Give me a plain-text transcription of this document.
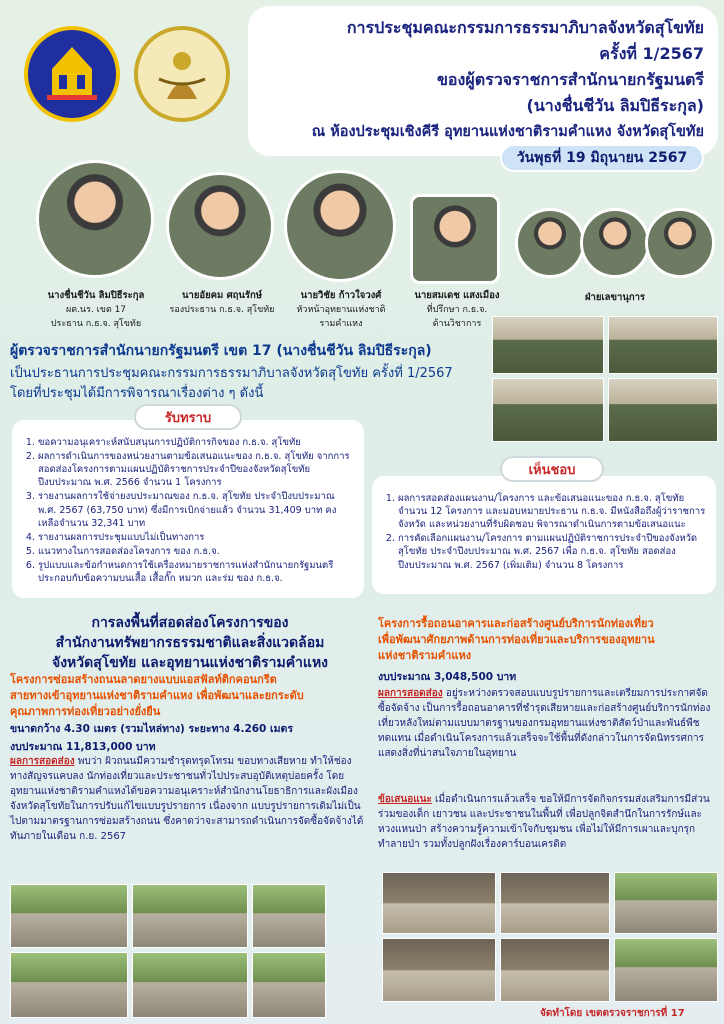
การประชุมคณะกรรมการธรรมาภิบาลจังหวัดสุโขทัย
ครั้งที่ 1/2567
ของผู้ตรวจราชการสำนักนายกรัฐมนตรี
(นางชื่นชีวัน ลิมปิธีระกุล)
ณ ห้องประชุมเชิงคีรี อุทยานแห่งชาติรามคำแหง จังหวัดสุโขทัย
วันพุธที่ 19 มิถุนายน 2567
นางชื่นชีวัน ลิมปิธีระกุล
ผต.นร. เขต 17
ประธาน ก.ธ.จ. สุโขทัย
นายอัยคม ศฤนรักษ์
รองประธาน ก.ธ.จ. สุโขทัย
นายวิชัย ก้าวใจวงศ์
หัวหน้าอุทยานแห่งชาติ
รามคำแหง
นายสมเดช แสงเมือง
ที่ปรึกษา ก.ธ.จ.
ด้านวิชาการ
ฝ่ายเลขานุการ
ผู้ตรวจราชการสำนักนายกรัฐมนตรี เขต 17 (นางชื่นชีวัน ลิมปิธีระกุล)
เป็นประธานการประชุมคณะกรรมการธรรมาภิบาลจังหวัดสุโขทัย ครั้งที่ 1/2567
โดยที่ประชุมได้มีการพิจารณาเรื่องต่าง ๆ ดังนี้
1. ขอความอนุเคราะห์สนับสนุนการปฏิบัติการกิจของ ก.ธ.จ. สุโขทัย
2. ผลการดำเนินการของหน่วยงานตามข้อเสนอแนะของ ก.ธ.จ. สุโขทัย จากการสอดส่องโครงการตามแผนปฏิบัติราชการประจำปีของจังหวัดสุโขทัย ปีงบประมาณ พ.ศ. 2566 จำนวน 1 โครงการ
3. รายงานผลการใช้จ่ายงบประมาณของ ก.ธ.จ. สุโขทัย ประจำปีงบประมาณ พ.ศ. 2567 (63,750 บาท) ซึ่งมีการเบิกจ่ายแล้ว จำนวน 31,409 บาท คงเหลือจำนวน 32,341 บาท
4. รายงานผลการประชุมแบบไม่เป็นทางการ
5. แนวทางในการสอดส่องโครงการ ของ ก.ธ.จ.
6. รูปแบบและข้อกำหนดการใช้เครื่องหมายราชการแห่งสำนักนายกรัฐมนตรี ประกอบกับข้อความบนเสื้อ เสื้อกั๊ก หมวก และร่ม ของ ก.ธ.จ.
รับทราบ
1. ผลการสอดส่องแผนงาน/โครงการ และข้อเสนอแนะของ ก.ธ.จ. สุโขทัย จำนวน 12 โครงการ และมอบหมายประธาน ก.ธ.จ. มีหนังสือถึงผู้ว่าราชการจังหวัด และหน่วยงานที่รับผิดชอบ พิจารณาดำเนินการตามข้อเสนอแนะ
2. การคัดเลือกแผนงาน/โครงการ ตามแผนปฏิบัติราชการประจำปีของจังหวัดสุโขทัย ประจำปีงบประมาณ พ.ศ. 2567 เพื่อ ก.ธ.จ. สุโขทัย สอดส่อง ปีงบประมาณ พ.ศ. 2567 (เพิ่มเติม) จำนวน 8 โครงการ
เห็นชอบ
การลงพื้นที่สอดส่องโครงการของ
สำนักงานทรัพยากรธรรมชาติและสิ่งแวดล้อม
จังหวัดสุโขทัย และอุทยานแห่งชาติรามคำแหง
โครงการซ่อมสร้างถนนลาดยางแบบแอสฟัลท์ติกคอนกรีต
สายทางเข้าอุทยานแห่งชาติรามคำแหง เพื่อพัฒนาและยกระดับ
คุณภาพการท่องเที่ยวอย่างยั่งยืน
ขนาดกว้าง 4.30 เมตร (รวมไหล่ทาง) ระยะทาง 4.260 เมตร
งบประมาณ 11,813,000 บาท
ผลการสอดส่อง พบว่า ผิวถนนมีความชำรุดทรุดโทรม ขอบทางเสียหาย ทำให้ช่องทางสัญจรแคบลง นักท่องเที่ยวและประชาชนทั่วไปประสบอุบัติเหตุบ่อยครั้ง โดยอุทยานแห่งชาติรามคำแหงได้ขอความอนุเคราะห์สำนักงานโยธาธิการและผังเมืองจังหวัดสุโขทัยในการปรับแก้ไขแบบรูปรายการ เนื่องจาก แบบรูปรายการเดิมไม่เป็นไปตามมาตรฐานการซ่อมสร้างถนน ซึ่งคาดว่าจะสามารถดำเนินการจัดซื้อจัดจ้างได้ทันภายในเดือน ก.ย. 2567
โครงการรื้อถอนอาคารและก่อสร้างศูนย์บริการนักท่องเที่ยว
เพื่อพัฒนาศักยภาพด้านการท่องเที่ยวและบริการของอุทยาน
แห่งชาติรามคำแหง
งบประมาณ 3,048,500 บาท
ผลการสอดส่อง อยู่ระหว่างตรวจสอบแบบรูปรายการและเตรียมการประกาศจัดซื้อจัดจ้าง เป็นการรื้อถอนอาคารที่ชำรุดเสียหายและก่อสร้างศูนย์บริการนักท่องเที่ยวหลังใหม่ตามแบบมาตรฐานของกรมอุทยานแห่งชาติสัตว์ป่าและพันธ์พืช ทดแทน เมื่อดำเนินโครงการแล้วเสร็จจะใช้พื้นที่ดังกล่าวในการจัดนิทรรศการแสดงสิ่งที่น่าสนใจภายในอุทยาน
ข้อเสนอแนะ เมื่อดำเนินการแล้วเสร็จ ขอให้มีการจัดกิจกรรมส่งเสริมการมีส่วนร่วมของเด็ก เยาวชน และประชาชนในพื้นที่ เพื่อปลูกจิตสำนึกในการรักษ์และหวงแหนป่า สร้างความรู้ความเข้าใจกับชุมชน เพื่อไม่ให้มีการเผาและบุกรุกทำลายป่า รวมทั้งปลูกฝังเรื่องคาร์บอนเครดิต
จัดทำโดย เขตตรวจราชการที่ 17
